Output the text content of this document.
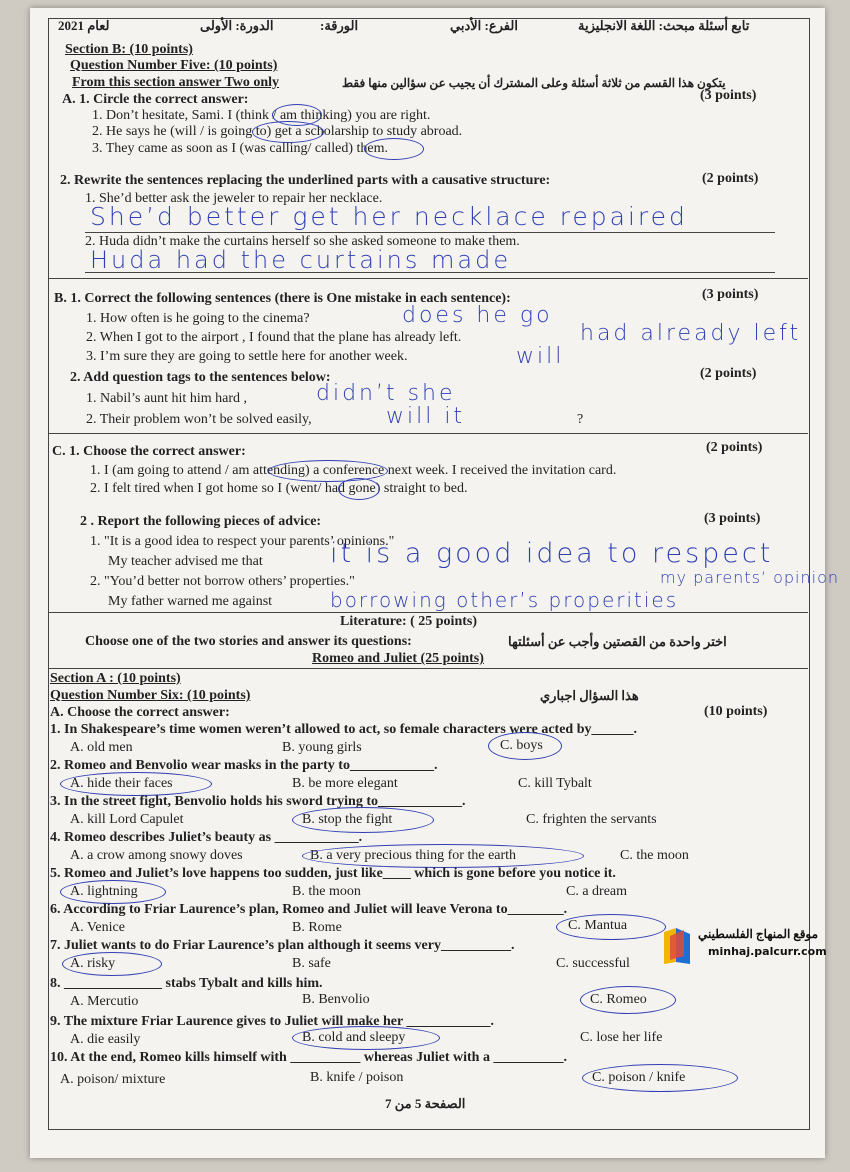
لعام 2021	الدورة: الأولى	الورقة:	الفرع: الأدبي	تابع أسئلة مبحث: اللغة الانجليزية
Section B: (10 points)
Question Number Five: (10 points)
From this section answer Two only	يتكون هذا القسم من ثلاثة أسئلة وعلى المشترك أن يجيب عن سؤالين منها فقط
A. 1. Circle the correct answer:	(3 points)
1. Don’t hesitate, Sami. I (think / am thinking) you are right.
2. He says he (will / is going to) get a scholarship to study abroad.
3. They came as soon as I (was calling/ called) them.
2. Rewrite the sentences replacing the underlined parts with a causative structure:	(2 points)
1. She’d better ask the jeweler to repair her necklace.
She’d better get her necklace repaired
2. Huda didn’t make the curtains herself so she asked someone to make them.
Huda had the curtains made
B. 1. Correct the following sentences (there is One mistake in each sentence):	(3 points)
1. How often is he going to the cinema?	does he go
2. When I got to the airport , I found that the plane has already left.	had already left
3. I’m sure they are going to settle here for another week.	will
2. Add question tags to the sentences below:	(2 points)
1. Nabil’s aunt hit him hard ,	didn’t she
2. Their problem won’t be solved easily,	will it	?
C. 1. Choose the correct answer:	(2 points)
1. I (am going to attend / am attending) a conference next week. I received the invitation card.
2. I felt tired when I got home so I (went/ had gone) straight to bed.
2 . Report the following pieces of advice:	(3 points)
1. "It is a good idea to respect your parents’ opinions."
My teacher advised me that it is a good idea to respect
my parents’ opinion
2. "You’d better not borrow others’ properties."
My father warned me against	borrowing other’s properities
Literature: ( 25 points)
Choose one of the two stories and answer its questions:	اختر واحدة من القصتين وأجب عن أسئلتها
Romeo and Juliet (25 points)
Section A : (10 points)
Question Number Six: (10 points)	هذا السؤال اجباري
A. Choose the correct answer:	(10 points)
1. In Shakespeare’s time women weren’t allowed to act, so female characters were acted by______.
A. old men	B. young girls	C. boys
2. Romeo and Benvolio wear masks in the party to____________.
A. hide their faces	B. be more elegant	C. kill Tybalt
3. In the street fight, Benvolio holds his sword trying to____________.
A. kill Lord Capulet	B. stop the fight	C. frighten the servants
4. Romeo describes Juliet’s beauty as ____________.
A. a crow among snowy doves	B. a very precious thing for the earth	C. the moon
5. Romeo and Juliet’s love happens too sudden, just like____ which is gone before you notice it.
A. lightning	B. the moon	C. a dream
6. According to Friar Laurence’s plan, Romeo and Juliet will leave Verona to________.
A. Venice	B. Rome	C. Mantua
7. Juliet wants to do Friar Laurence’s plan although it seems very__________.
A. risky	B. safe	C. successful
8. ______________ stabs Tybalt and kills him.
A. Mercutio	B. Benvolio	C. Romeo
9. The mixture Friar Laurence gives to Juliet will make her ____________.
A. die easily	B. cold and sleepy	C. lose her life
10. At the end, Romeo kills himself with __________ whereas Juliet with a __________.
A. poison/ mixture	B. knife / poison	C. poison / knife
الصفحة 5 من 7
موقع المنهاج الفلسطيني
minhaj.palcurr.com
